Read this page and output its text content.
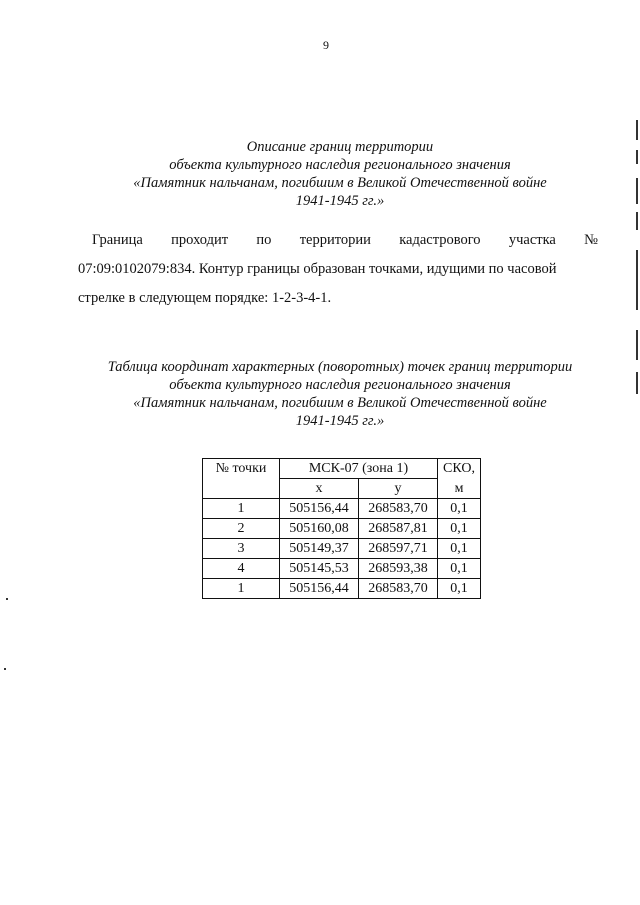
9
Описание границ территории
объекта культурного наследия регионального значения
«Памятник нальчанам, погибшим в Великой Отечественной войне
1941-1945 гг.»
Граница проходит по территории кадастрового участка №
07:09:0102079:834. Контур границы образован точками, идущими по часовой
стрелке в следующем порядке: 1-2-3-4-1.
Таблица координат характерных (поворотных) точек границ территории
объекта культурного наследия регионального значения
«Памятник нальчанам, погибшим в Великой Отечественной войне
1941-1945 гг.»
№ точки	МСК-07 (зона 1)		СКО,
	x	у	м
1	505156,44	268583,70	0,1
2	505160,08	268587,81	0,1
3	505149,37	268597,71	0,1
4	505145,53	268593,38	0,1
1	505156,44	268583,70	0,1
